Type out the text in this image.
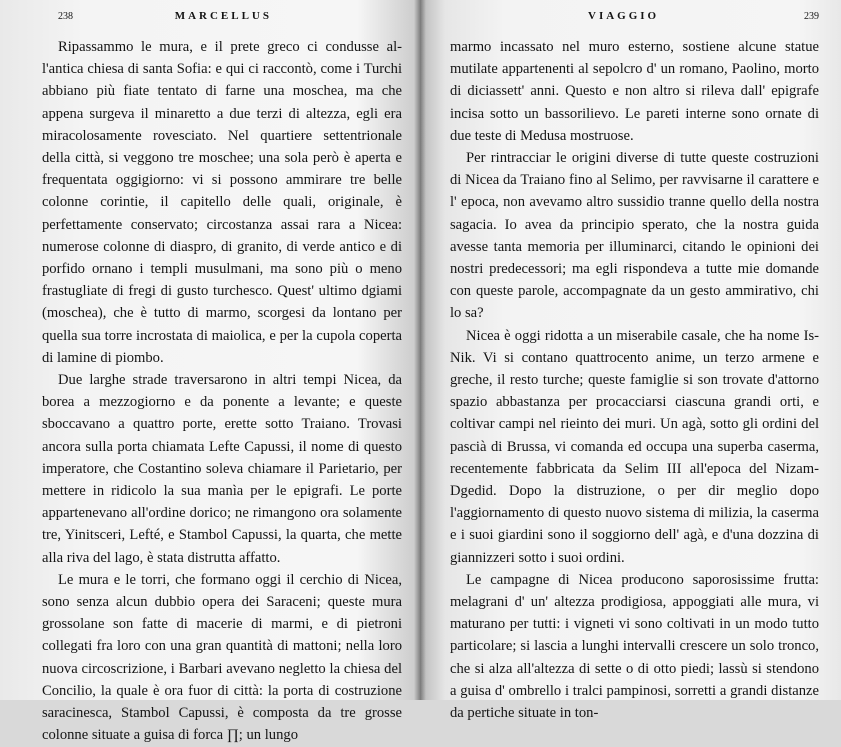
238	MARCELLUS

Ripassammo le mura, e il prete greco ci condusse al-l'antica chiesa di santa Sofia: e qui ci raccontò, come i Turchi abbiano più fiate tentato di farne una moschea, ma che appena surgeva il minaretto a due terzi di altezza, egli era miracolosamente rovesciato. Nel quartiere settentrionale della città, si veggono tre moschee; una sola però è aperta e frequentata oggigiorno: vi si possono ammirare tre belle colonne corintie, il capitello delle quali, originale, è perfettamente conservato; circostanza assai rara a Nicea: numerose colonne di diaspro, di granito, di verde antico e di porfido ornano i templi musulmani, ma sono più o meno frastugliate di fregi di gusto turchesco. Quest' ultimo dgiami (moschea), che è tutto di marmo, scorgesi da lontano per quella sua torre incrostata di maiolica, e per la cupola coperta di lamine di piombo.

Due larghe strade traversarono in altri tempi Nicea, da borea a mezzogiorno e da ponente a levante; e queste sboccavano a quattro porte, erette sotto Traiano. Trovasi ancora sulla porta chiamata Lefte Capussi, il nome di questo imperatore, che Costantino soleva chiamare il Parietario, per mettere in ridicolo la sua manìa per le epigrafi. Le porte appartenevano all'ordine dorico; ne rimangono ora solamente tre, Yinitsceri, Lefté, e Stambol Capussi, la quarta, che mette alla riva del lago, è stata distrutta affatto.

Le mura e le torri, che formano oggi il cerchio di Nicea, sono senza alcun dubbio opera dei Saraceni; queste mura grossolane son fatte di macerie di marmi, e di pietroni collegati fra loro con una gran quantità di mattoni; nella loro nuova circoscrizione, i Barbari avevano negletto la chiesa del Concilio, la quale è ora fuor di città: la porta di costruzione saracinesca, Stambol Capussi, è composta da tre grosse colonne situate a guisa di forca ∏; un lungo

VIAGGIO	239

marmo incassato nel muro esterno, sostiene alcune statue mutilate appartenenti al sepolcro d' un romano, Paolino, morto di diciassett' anni. Questo e non altro si rileva dall' epigrafe incisa sotto un bassorilievo. Le pareti interne sono ornate di due teste di Medusa mostruose.

Per rintracciar le origini diverse di tutte queste costruzioni di Nicea da Traiano fino al Selimo, per ravvisarne il carattere e l' epoca, non avevamo altro sussidio tranne quello della nostra sagacia. Io avea da principio sperato, che la nostra guida avesse tanta memoria per illuminarci, citando le opinioni dei nostri predecessori; ma egli rispondeva a tutte mie domande con queste parole, accompagnate da un gesto ammirativo, chi lo sa?

Nicea è oggi ridotta a un miserabile casale, che ha nome Is-Nik. Vi si contano quattrocento anime, un terzo armene e greche, il resto turche; queste famiglie si son trovate d'attorno spazio abbastanza per procacciarsi ciascuna grandi orti, e coltivar campi nel rieinto dei muri. Un agà, sotto gli ordini del pascià di Brussa, vi comanda ed occupa una superba caserma, recentemente fabbricata da Selim III all'epoca del Nizam-Dgedid. Dopo la distruzione, o per dir meglio dopo l'aggiornamento di questo nuovo sistema di milizia, la caserma e i suoi giardini sono il soggiorno dell' agà, e d'una dozzina di giannizzeri sotto i suoi ordini.

Le campagne di Nicea producono saporosissime frutta: melagrani d' un' altezza prodigiosa, appoggiati alle mura, vi maturano per tutti: i vigneti vi sono coltivati in un modo tutto particolare; si lascia a lunghi intervalli crescere un solo tronco, che si alza all'altezza di sette o di otto piedi; lassù si stendono a guisa d' ombrello i tralci pampinosi, sorretti a grandi distanze da pertiche situate in ton-
